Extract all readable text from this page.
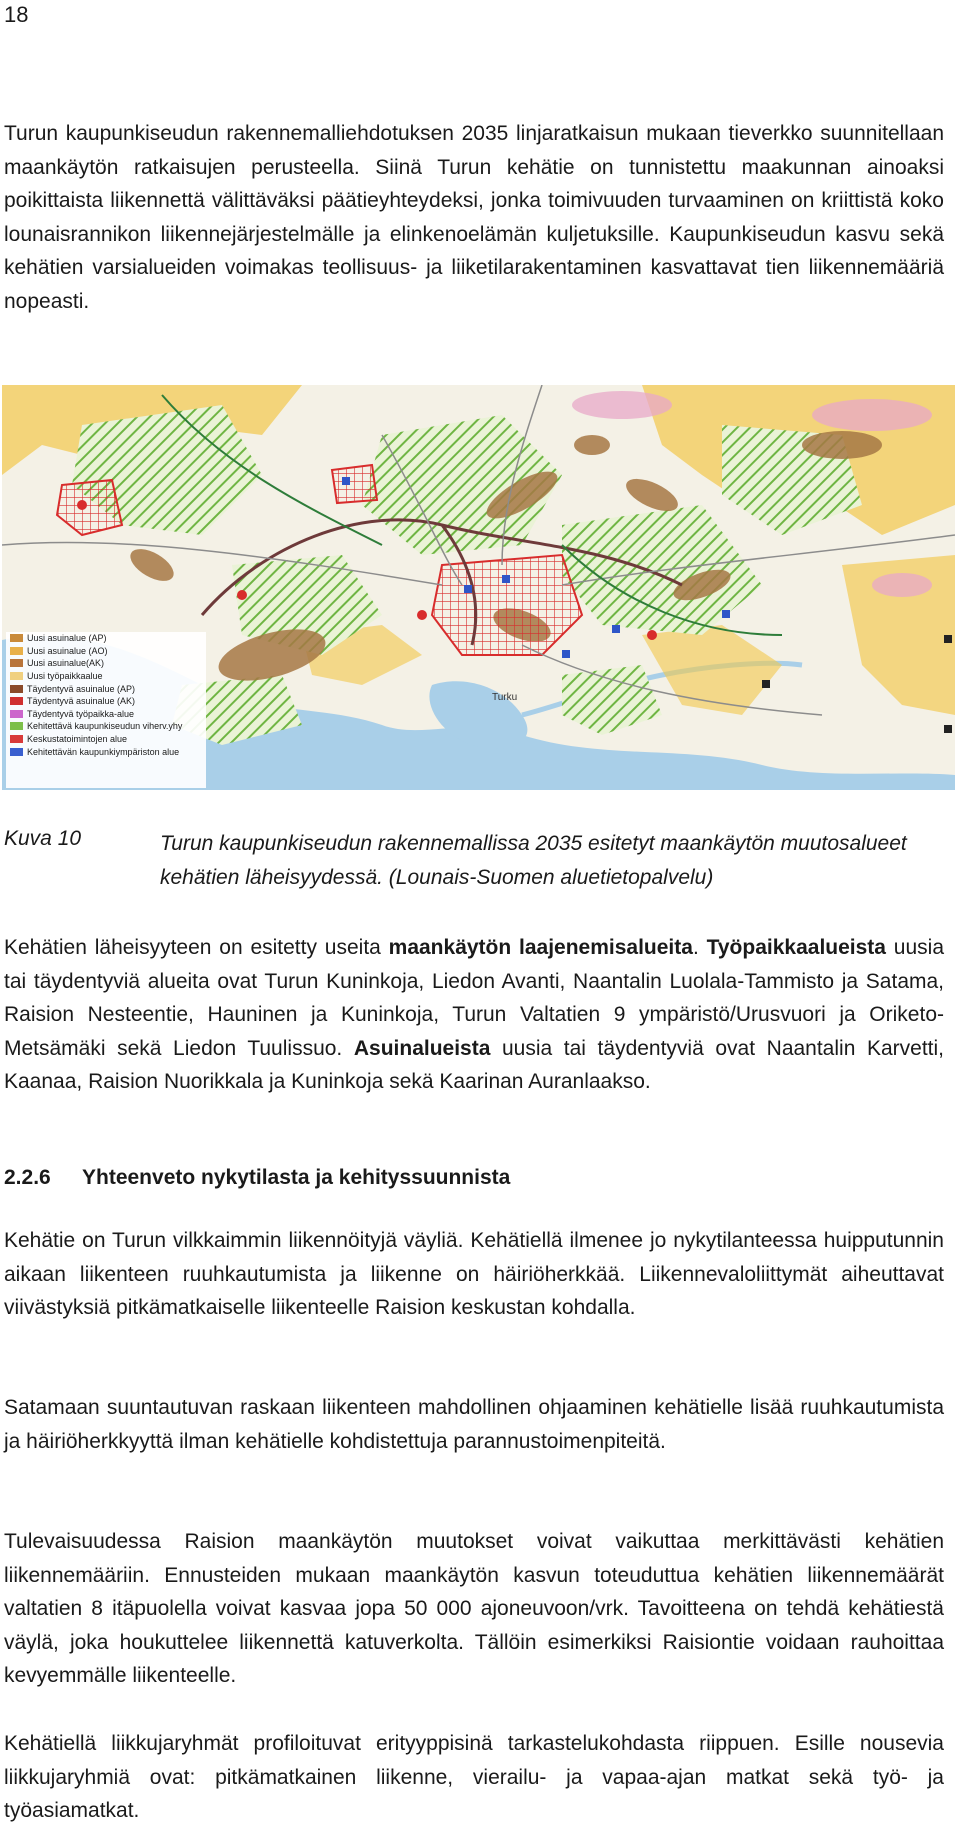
18

Turun kaupunkiseudun rakennemalliehdotuksen 2035 linjaratkaisun mukaan tieverkko suunnitellaan maankäytön ratkaisujen perusteella. Siinä Turun kehätie on tunnistettu maakunnan ainoaksi poikittaista liikennettä välittäväksi päätieyhteydeksi, jonka toimivuuden turvaaminen on kriittistä koko lounaisrannikon liikennejärjestelmälle ja elinkenoelämän kuljetuksille. Kaupunkiseudun kasvu sekä kehätien varsialueiden voimakas teollisuus- ja liiketilarakentaminen kasvattavat tien liikennemääriä nopeasti.

Turku
Uusi asuinalue (AP)
Uusi asuinalue (AO)
Uusi asuinalue(AK)
Uusi työpaikkaalue
Täydentyvä asuinalue (AP)
Täydentyvä asuinalue (AK)
Täydentyvä työpaikka-alue
Kehitettävä kaupunkiseudun viherv.yhy
Keskustatoimintojen alue
Kehitettävän kaupunkiympäriston alue
Kuva 10	Turun kaupunkiseudun rakennemallissa 2035 esitetyt maankäytön muutosalueet kehätien läheisyydessä. (Lounais-Suomen aluetietopalvelu)

Kehätien läheisyyteen on esitetty useita maankäytön laajenemisalueita. Työpaikkaalueista uusia tai täydentyviä alueita ovat Turun Kuninkoja, Liedon Avanti, Naantalin Luolala-Tammisto ja Satama, Raision Nesteentie, Hauninen ja Kuninkoja, Turun Valtatien 9 ympäristö/Urusvuori ja Oriketo-Metsämäki sekä Liedon Tuulissuo. Asuinalueista uusia tai täydentyviä ovat Naantalin Karvetti, Kaanaa, Raision Nuorikkala ja Kuninkoja sekä Kaarinan Auranlaakso.

2.2.6 Yhteenveto nykytilasta ja kehityssuunnista

Kehätie on Turun vilkkaimmin liikennöityjä väyliä. Kehätiellä ilmenee jo nykytilanteessa huipputunnin aikaan liikenteen ruuhkautumista ja liikenne on häiriöherkkää. Liikennevaloliittymät aiheuttavat viivästyksiä pitkämatkaiselle liikenteelle Raision keskustan kohdalla.

Satamaan suuntautuvan raskaan liikenteen mahdollinen ohjaaminen kehätielle lisää ruuhkautumista ja häiriöherkkyyttä ilman kehätielle kohdistettuja parannustoimenpiteitä.

Tulevaisuudessa Raision maankäytön muutokset voivat vaikuttaa merkittävästi kehätien liikennemääriin. Ennusteiden mukaan maankäytön kasvun toteuduttua kehätien liikennemäärät valtatien 8 itäpuolella voivat kasvaa jopa 50 000 ajoneuvoon/vrk. Tavoitteena on tehdä kehätiestä väylä, joka houkuttelee liikennettä katuverkolta. Tällöin esimerkiksi Raisiontie voidaan rauhoittaa kevyemmälle liikenteelle.

Kehätiellä liikkujaryhmät profiloituvat erityyppisinä tarkastelukohdasta riippuen. Esille nousevia liikkujaryhmiä ovat: pitkämatkainen liikenne, vierailu- ja vapaa-ajan matkat sekä työ- ja työasiamatkat.
